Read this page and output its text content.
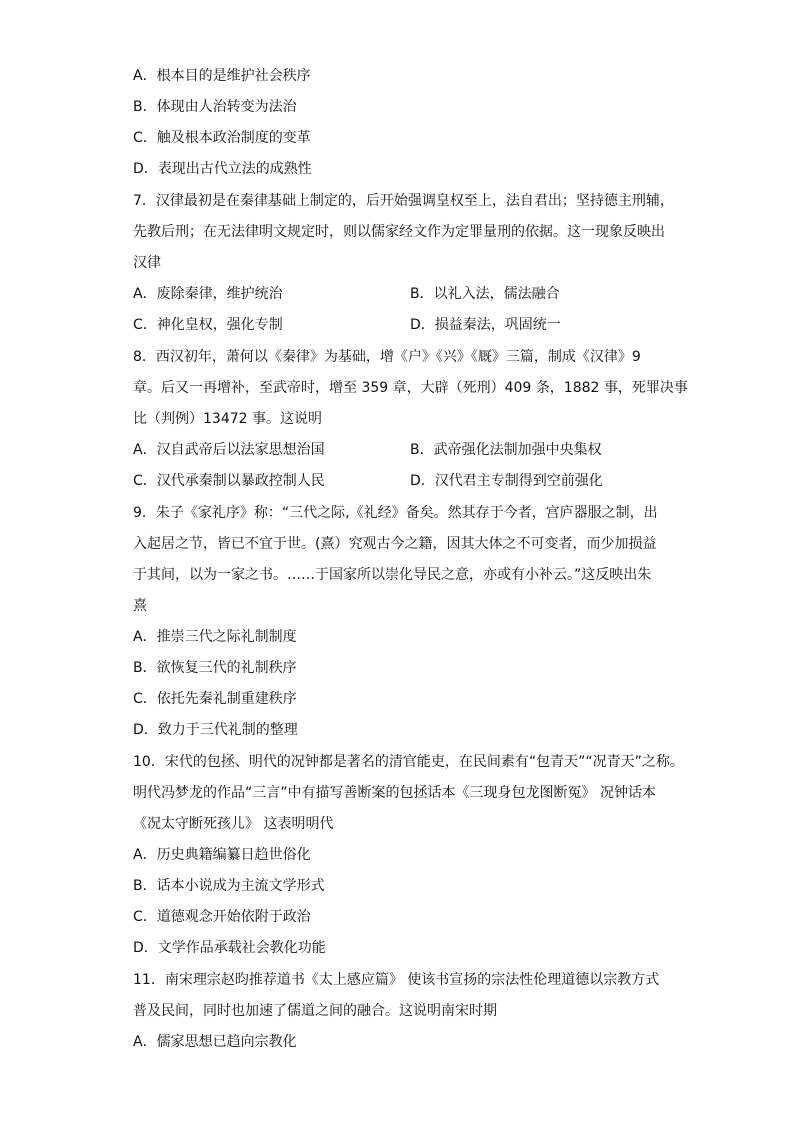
A．根本目的是维护社会秩序
B．体现由人治转变为法治
C．触及根本政治制度的变革
D．表现出古代立法的成熟性
7．汉律最初是在秦律基础上制定的，后开始强调皇权至上，法自君出；坚持德主刑辅，
先教后刑；在无法律明文规定时，则以儒家经文作为定罪量刑的依据。这一现象反映出
汉律
A．废除秦律，维护统治	B．以礼入法，儒法融合
C．神化皇权，强化专制	D．损益秦法，巩固统一
8．西汉初年，萧何以《秦律》为基础，增《户》《兴》《厩》三篇，制成《汉律》9
章。后又一再增补，至武帝时，增至 359 章，大辟（死刑）409 条，1882 事，死罪决事
比（判例）13472 事。这说明
A．汉自武帝后以法家思想治国	B．武帝强化法制加强中央集权
C．汉代承秦制以暴政控制人民	D．汉代君主专制得到空前强化
9．朱子《家礼序》称：“三代之际,《礼经》备矣。然其存于今者，宫庐器服之制，出
入起居之节，皆已不宜于世。(熹）究观古今之籍，因其大体之不可变者，而少加损益
于其间，以为一家之书。……于国家所以崇化导民之意，亦或有小补云。”这反映出朱
熹
A．推崇三代之际礼制制度
B．欲恢复三代的礼制秩序
C．依托先秦礼制重建秩序
D．致力于三代礼制的整理
10．宋代的包拯、明代的况钟都是著名的清官能吏，在民间素有“包青天”“况青天”之称。
明代冯梦龙的作品“三言”中有描写善断案的包拯话本《三现身包龙图断冤》 况钟话本
《况太守断死孩儿》 这表明明代
A．历史典籍编纂日趋世俗化
B．话本小说成为主流文学形式
C．道德观念开始依附于政治
D．文学作品承载社会教化功能
11．南宋理宗赵昀推荐道书《太上感应篇》 使该书宣扬的宗法性伦理道德以宗教方式
普及民间，同时也加速了儒道之间的融合。这说明南宋时期
A．儒家思想已趋向宗教化
